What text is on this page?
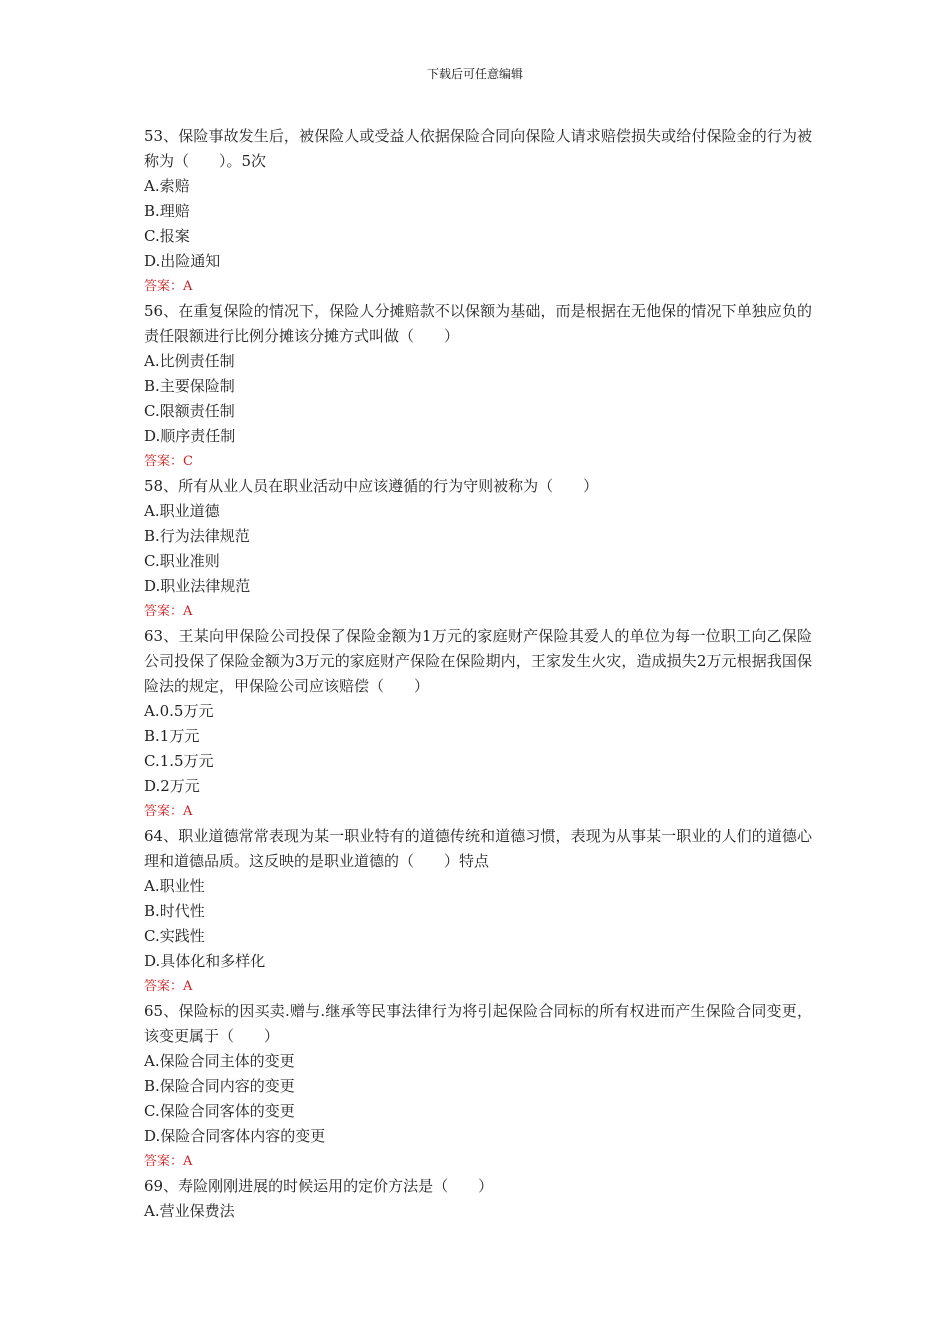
下载后可任意编辑

53、保险事故发生后，被保险人或受益人依据保险合同向保险人请求赔偿损失或给付保险金的行为被称为（　　）。5次

A.索赔

B.理赔

C.报案

D.出险通知

答案：A

56、在重复保险的情况下，保险人分摊赔款不以保额为基础，而是根据在无他保的情况下单独应负的责任限额进行比例分摊该分摊方式叫做（　　）

A.比例责任制

B.主要保险制

C.限额责任制

D.顺序责任制

答案：C

58、所有从业人员在职业活动中应该遵循的行为守则被称为（　　）

A.职业道德

B.行为法律规范

C.职业准则

D.职业法律规范

答案：A

63、王某向甲保险公司投保了保险金额为1万元的家庭财产保险其爱人的单位为每一位职工向乙保险公司投保了保险金额为3万元的家庭财产保险在保险期内，王家发生火灾，造成损失2万元根据我国保险法的规定，甲保险公司应该赔偿（　　）

A.0.5万元

B.1万元

C.1.5万元

D.2万元

答案：A

64、职业道德常常表现为某一职业特有的道德传统和道德习惯，表现为从事某一职业的人们的道德心理和道德品质。这反映的是职业道德的（　　）特点

A.职业性

B.时代性

C.实践性

D.具体化和多样化

答案：A

65、保险标的因买卖.赠与.继承等民事法律行为将引起保险合同标的所有权进而产生保险合同变更，该变更属于（　　）

A.保险合同主体的变更

B.保险合同内容的变更

C.保险合同客体的变更

D.保险合同客体内容的变更

答案：A

69、寿险刚刚进展的时候运用的定价方法是（　　）

A.营业保费法
